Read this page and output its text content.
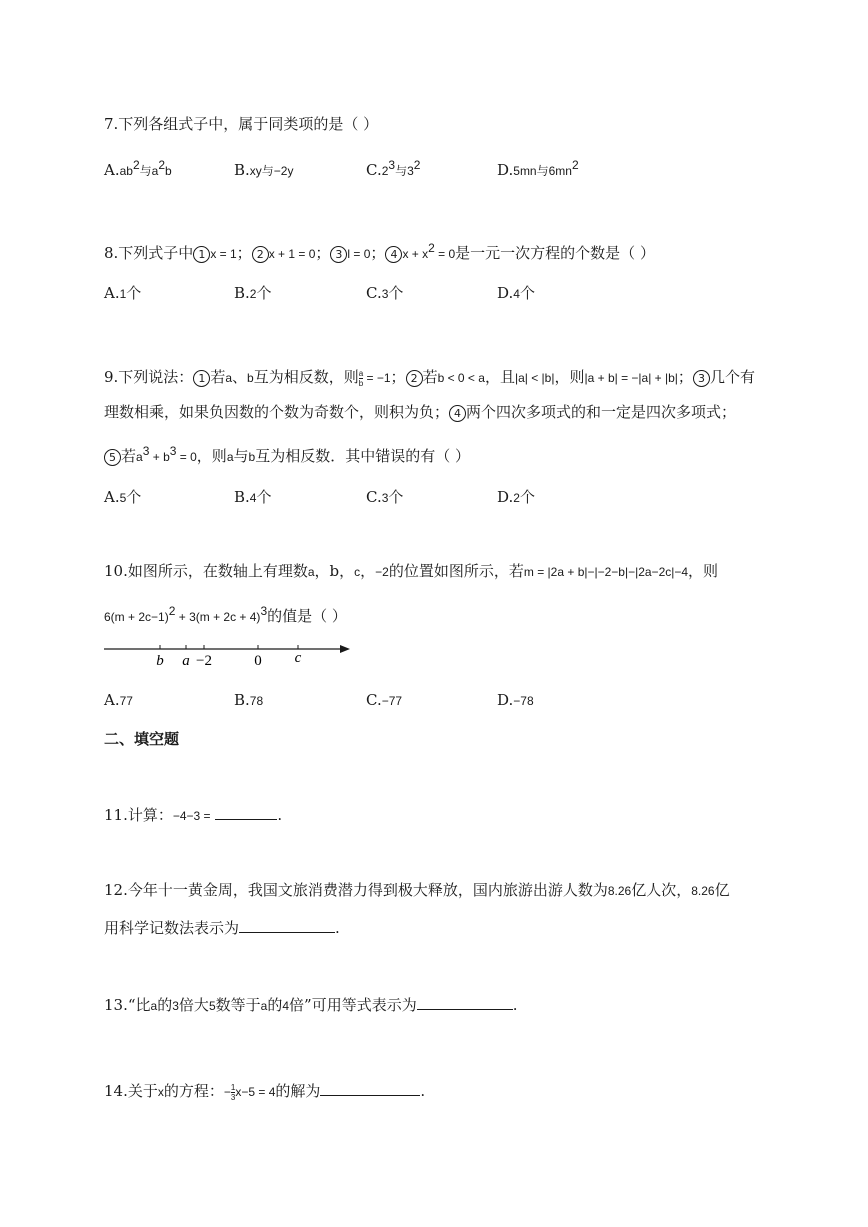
7.下列各组式子中，属于同类项的是（ ）
$A.ab^2$与$a^2b$	B.xy与−2y	$C.2^3$与$3^2$	D.5mn与$6mn^2$
8.下列式子中 1 x = 1； 2 x + 1 = 0； 3 l = 0； 4 $x + x^2 = 0$是一元一次方程的个数是（ ）
A.1个	B.2个	C.3个	D.4个
9.下列说法： 1 若a、b互为相反数，则 $\frac{a}{b} = -1$； 2 若b < 0 < a，且|a| < |b|，则|a + b| = −|a| + |b|； 3 几个有
理数相乘，如果负因数的个数为奇数个，则积为负； 4 两个四次多项式的和一定是四次多项式；
5 若$a^3 + b^3 = 0$，则a与b互为相反数．其中错误的有（ ）
A.5个	B.4个	C.3个	D.2个
10.如图所示，在数轴上有理数a，b，c，−2的位置如图所示，若m = |2a + b|−|−2−b|−|2a−2c|−4，则
$6(m + 2c-1)^2 + 3(m + 2c + 4)^3$的值是（ ）
b a −2	0 c
A.77	B.78	C.−77	D.−78
二、填空题
11.计算：−4−3 =	.
12.今年十一黄金周，我国文旅消费潜力得到极大释放，国内旅游出游人数为8.26亿人次，8.26亿
用科学记数法表示为	.
13.“比a的3倍大5数等于a的4倍”可用等式表示为	.
14.关于x的方程：− $\frac{1}{3} x-5 = 4$的解为	.
